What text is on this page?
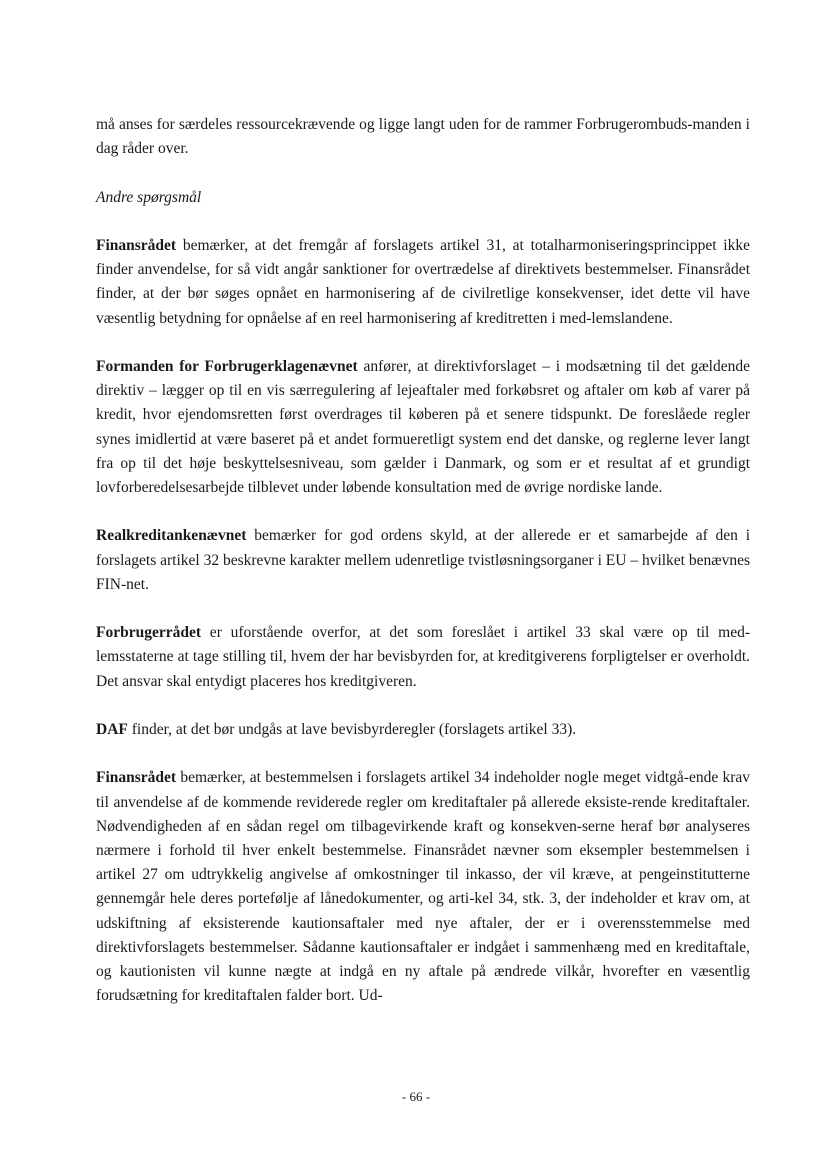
må anses for særdeles ressourcekrævende og ligge langt uden for de rammer Forbrugerombuds-manden i dag råder over.

Andre spørgsmål

Finansrådet bemærker, at det fremgår af forslagets artikel 31, at totalharmoniseringsprincippet ikke finder anvendelse, for så vidt angår sanktioner for overtrædelse af direktivets bestemmelser. Finansrådet finder, at der bør søges opnået en harmonisering af de civilretlige konsekvenser, idet dette vil have væsentlig betydning for opnåelse af en reel harmonisering af kreditretten i med-lemslandene.

Formanden for Forbrugerklagenævnet anfører, at direktivforslaget – i modsætning til det gældende direktiv – lægger op til en vis særregulering af lejeaftaler med forkøbsret og aftaler om køb af varer på kredit, hvor ejendomsretten først overdrages til køberen på et senere tidspunkt. De foreslåede regler synes imidlertid at være baseret på et andet formueretligt system end det danske, og reglerne lever langt fra op til det høje beskyttelsesniveau, som gælder i Danmark, og som er et resultat af et grundigt lovforberedelsesarbejde tilblevet under løbende konsultation med de øvrige nordiske lande.

Realkreditankenævnet bemærker for god ordens skyld, at der allerede er et samarbejde af den i forslagets artikel 32 beskrevne karakter mellem udenretlige tvistløsningsorganer i EU – hvilket benævnes FIN-net.

Forbrugerrådet er uforstående overfor, at det som foreslået i artikel 33 skal være op til med-lemsstaterne at tage stilling til, hvem der har bevisbyrden for, at kreditgiverens forpligtelser er overholdt. Det ansvar skal entydigt placeres hos kreditgiveren.

DAF finder, at det bør undgås at lave bevisbyrderegler (forslagets artikel 33).

Finansrådet bemærker, at bestemmelsen i forslagets artikel 34 indeholder nogle meget vidtgå-ende krav til anvendelse af de kommende reviderede regler om kreditaftaler på allerede eksiste-rende kreditaftaler. Nødvendigheden af en sådan regel om tilbagevirkende kraft og konsekven-serne heraf bør analyseres nærmere i forhold til hver enkelt bestemmelse. Finansrådet nævner som eksempler bestemmelsen i artikel 27 om udtrykkelig angivelse af omkostninger til inkasso, der vil kræve, at pengeinstitutterne gennemgår hele deres portefølje af lånedokumenter, og arti-kel 34, stk. 3, der indeholder et krav om, at udskiftning af eksisterende kautionsaftaler med nye aftaler, der er i overensstemmelse med direktivforslagets bestemmelser. Sådanne kautionsaftaler er indgået i sammenhæng med en kreditaftale, og kautionisten vil kunne nægte at indgå en ny aftale på ændrede vilkår, hvorefter en væsentlig forudsætning for kreditaftalen falder bort. Ud-

- 66 -
